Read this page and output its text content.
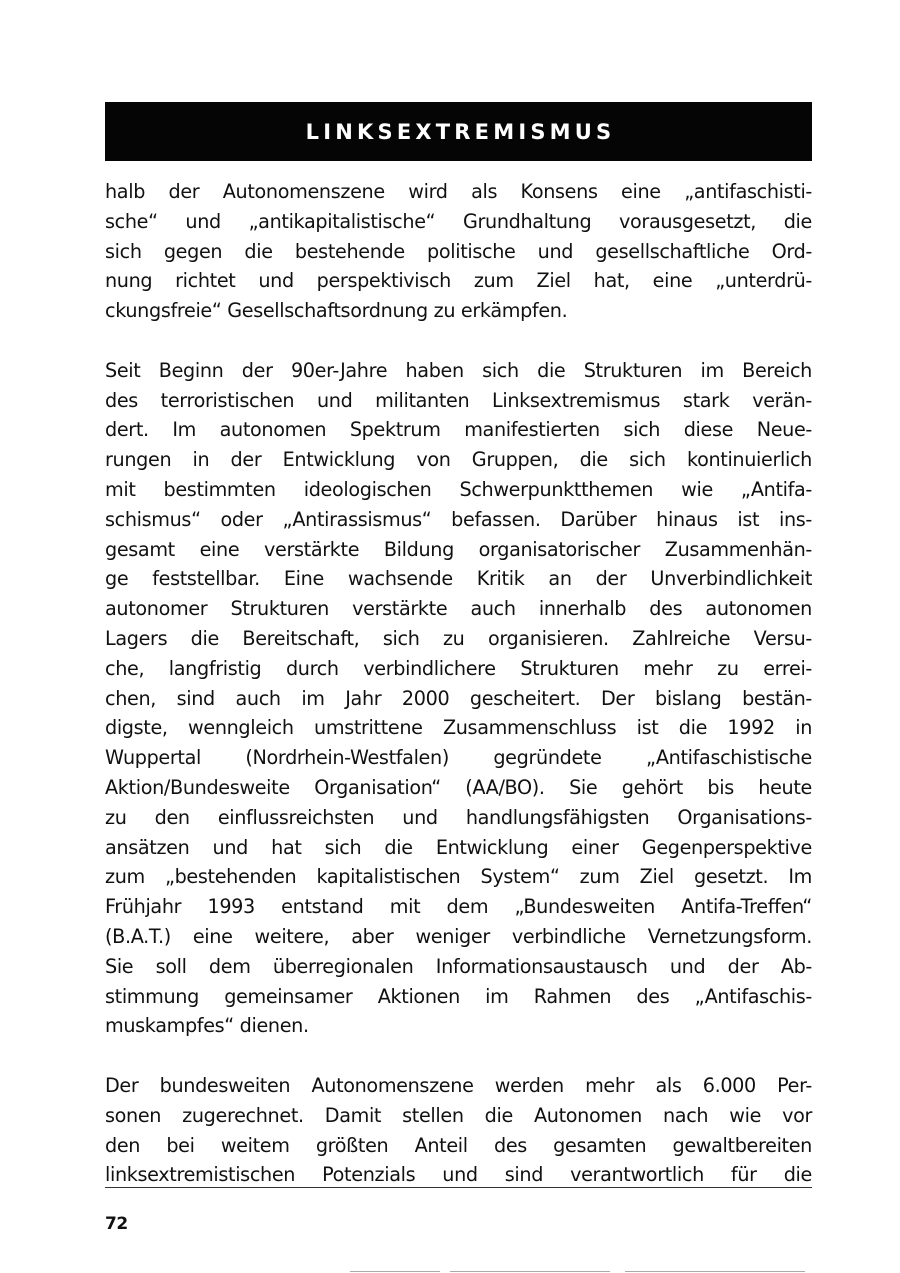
LINKSEXTREMISMUS

halb der Autonomenszene wird als Konsens eine „antifaschisti-
sche“ und „antikapitalistische“ Grundhaltung vorausgesetzt, die
sich gegen die bestehende politische und gesellschaftliche Ord-
nung richtet und perspektivisch zum Ziel hat, eine „unterdrü-
ckungsfreie“ Gesellschaftsordnung zu erkämpfen.

Seit Beginn der 90er-Jahre haben sich die Strukturen im Bereich
des terroristischen und militanten Linksextremismus stark verän-
dert. Im autonomen Spektrum manifestierten sich diese Neue-
rungen in der Entwicklung von Gruppen, die sich kontinuierlich
mit bestimmten ideologischen Schwerpunktthemen wie „Antifa-
schismus“ oder „Antirassismus“ befassen. Darüber hinaus ist ins-
gesamt eine verstärkte Bildung organisatorischer Zusammenhän-
ge feststellbar. Eine wachsende Kritik an der Unverbindlichkeit
autonomer Strukturen verstärkte auch innerhalb des autonomen
Lagers die Bereitschaft, sich zu organisieren. Zahlreiche Versu-
che, langfristig durch verbindlichere Strukturen mehr zu errei-
chen, sind auch im Jahr 2000 gescheitert. Der bislang bestän-
digste, wenngleich umstrittene Zusammenschluss ist die 1992 in
Wuppertal (Nordrhein-Westfalen) gegründete „Antifaschistische
Aktion/Bundesweite Organisation“ (AA/BO). Sie gehört bis heute
zu den einflussreichsten und handlungsfähigsten Organisations-
ansätzen und hat sich die Entwicklung einer Gegenperspektive
zum „bestehenden kapitalistischen System“ zum Ziel gesetzt. Im
Frühjahr 1993 entstand mit dem „Bundesweiten Antifa-Treffen“
(B.A.T.) eine weitere, aber weniger verbindliche Vernetzungsform.
Sie soll dem überregionalen Informationsaustausch und der Ab-
stimmung gemeinsamer Aktionen im Rahmen des „Antifaschis-
muskampfes“ dienen.

Der bundesweiten Autonomenszene werden mehr als 6.000 Per-
sonen zugerechnet. Damit stellen die Autonomen nach wie vor
den bei weitem größten Anteil des gesamten gewaltbereiten
linksextremistischen Potenzials und sind verantwortlich für die

72
